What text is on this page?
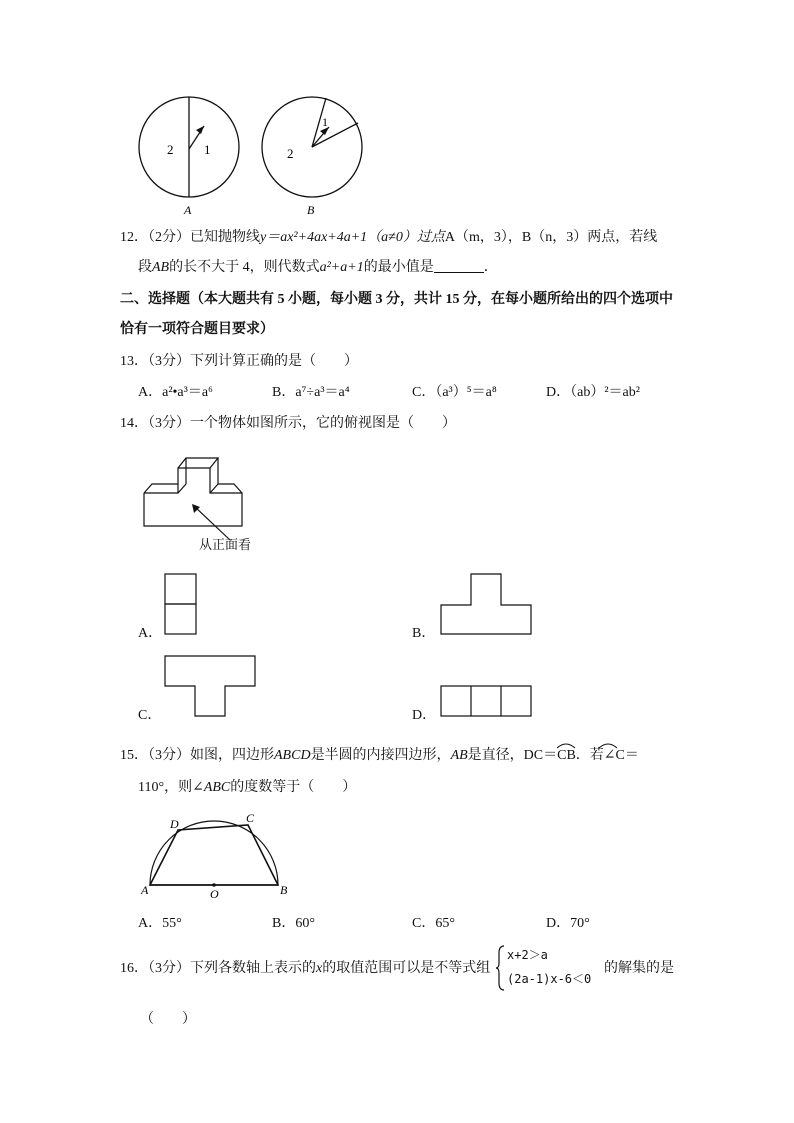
2 1
A
1
2
B
12．（2分）已知抛物线y＝ax²+4ax+4a+1（a≠0）过点A（m，3），B（n，3）两点，若线
段AB的长不大于 4，则代数式a²+a+1的最小值是	．
二、选择题（本大题共有 5 小题，每小题 3 分，共计 15 分，在每小题所给出的四个选项中
恰有一项符合题目要求）
13．（3分）下列计算正确的是（　　）
A．a²•a³＝a⁶	B．a⁷÷a³＝a⁴	C．（a³）⁵＝a⁸	D．（ab）²＝ab²
14．（3分）一个物体如图所示，它的俯视图是（　　）
从正面看
A．	B．
C．	D．
15．（3分）如图，四边形ABCD是半圆的内接四边形，AB是直径，DC＝CB．若∠C＝
110°，则∠ABC的度数等于（　　）
D	C
A	O	B
A．55°	B．60°	C．65°	D．70°
16．（3分）下列各数轴上表示的x的取值范围可以是不等式组
x+2＞a
(2a-1)x-6＜0
的解集的是
（　　）
